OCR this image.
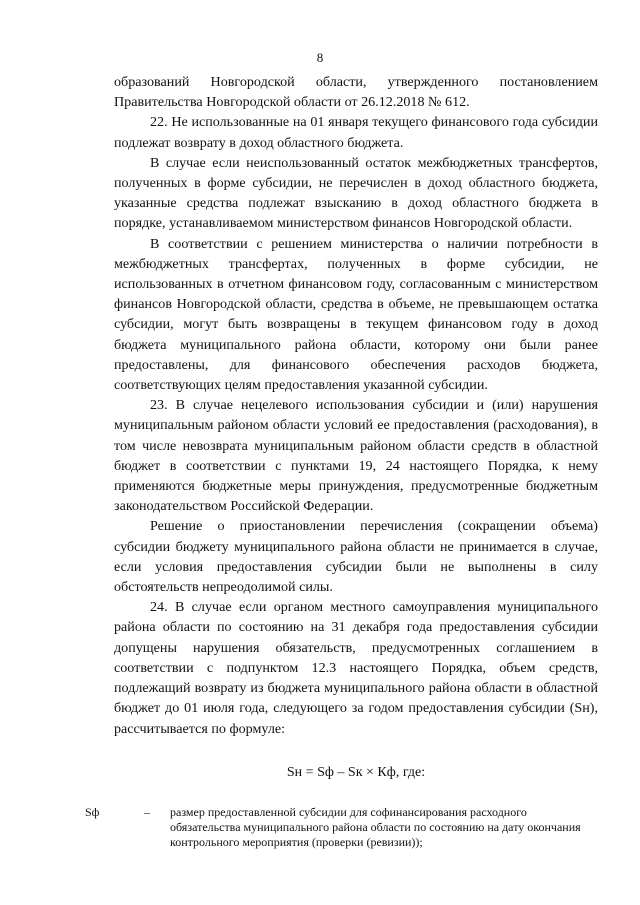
8

образований Новгородской области, утвержденного постановлением Правительства Новгородской области от 26.12.2018 № 612.

22. Не использованные на 01 января текущего финансового года субсидии подлежат возврату в доход областного бюджета.

В случае если неиспользованный остаток межбюджетных трансфертов, полученных в форме субсидии, не перечислен в доход областного бюджета, указанные средства подлежат взысканию в доход областного бюджета в порядке, устанавливаемом министерством финансов Новгородской области.

В соответствии с решением министерства о наличии потребности в межбюджетных трансфертах, полученных в форме субсидии, не использованных в отчетном финансовом году, согласованным с министерством финансов Новгородской области, средства в объеме, не превышающем остатка субсидии, могут быть возвращены в текущем финансовом году в доход бюджета муниципального района области, которому они были ранее предоставлены, для финансового обеспечения расходов бюджета, соответствующих целям предоставления указанной субсидии.

23. В случае нецелевого использования субсидии и (или) нарушения муниципальным районом области условий ее предоставления (расходования), в том числе невозврата муниципальным районом области средств в областной бюджет в соответствии с пунктами 19, 24 настоящего Порядка, к нему применяются бюджетные меры принуждения, предусмотренные бюджетным законодательством Российской Федерации.

Решение о приостановлении перечисления (сокращении объема) субсидии бюджету муниципального района области не принимается в случае, если условия предоставления субсидии были не выполнены в силу обстоятельств непреодолимой силы.

24. В случае если органом местного самоуправления муниципального района области по состоянию на 31 декабря года предоставления субсидии допущены нарушения обязательств, предусмотренных соглашением в соответствии с подпунктом 12.3 настоящего Порядка, объем средств, подлежащий возврату из бюджета муниципального района области в областной бюджет до 01 июля года, следующего за годом предоставления субсидии (Sн), рассчитывается по формуле:

Sн = Sф – Sк × Кф, где:
Sф	–	размер предоставленной субсидии для софинансирования расходного обязательства муниципального района области по состоянию на дату окончания контрольного мероприятия (проверки (ревизии));
